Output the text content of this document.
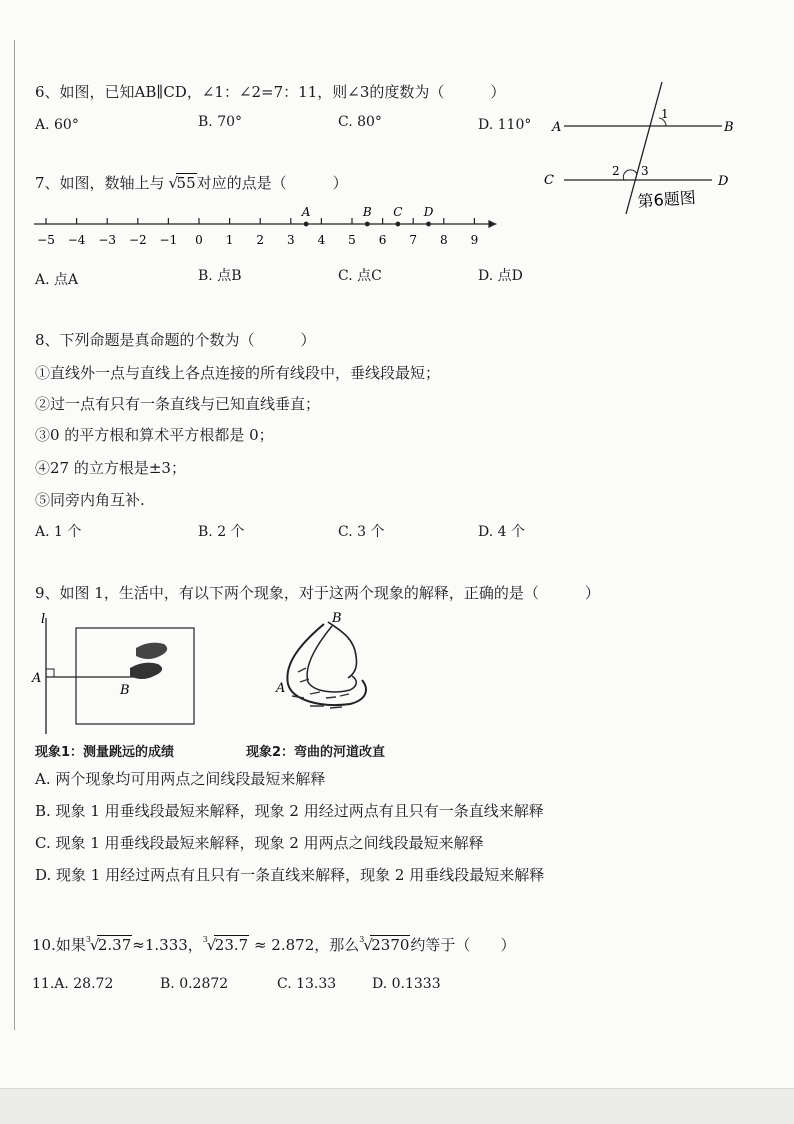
6、如图，已知AB∥CD，∠1：∠2=7：11，则∠3的度数为（	）
A. 60°	B. 70°	C. 80°	D. 110° A	B
C	D
1
2 3
第6题图
7、如图，数轴上与 √
55对应的点是（	）
−5 −4 −3 −2 −1 0 1 2 3 4 5 6 7 8 9
A	B C D
A. 点A	B. 点B	C. 点C	D. 点D
8、下列命题是真命题的个数为（	）
①直线外一点与直线上各点连接的所有线段中，垂线段最短；
②过一点有只有一条直线与已知直线垂直；
③0 的平方根和算术平方根都是 0；
④27 的立方根是±3；
⑤同旁内角互补.
A. 1 个	B. 2 个	C. 3 个	D. 4 个
9、如图 1，生活中，有以下两个现象，对于这两个现象的解释，正确的是（	）
l
A
B
B
A
现象1：测量跳远的成绩	现象2：弯曲的河道改直
A. 两个现象均可用两点之间线段最短来解释
B. 现象 1 用垂线段最短来解释，现象 2 用经过两点有且只有一条直线来解释
C. 现象 1 用垂线段最短来解释，现象 2 用两点之间线段最短来解释
D. 现象 1 用经过两点有且只有一条直线来解释，现象 2 用垂线段最短来解释
10.如果 3
√
2.37≈1.333， 3
√
23.7 ≈ 2.872，那么 3
√
2370约等于（ ）
11.A. 28.72	B. 0.2872	C. 13.33	D. 0.1333
